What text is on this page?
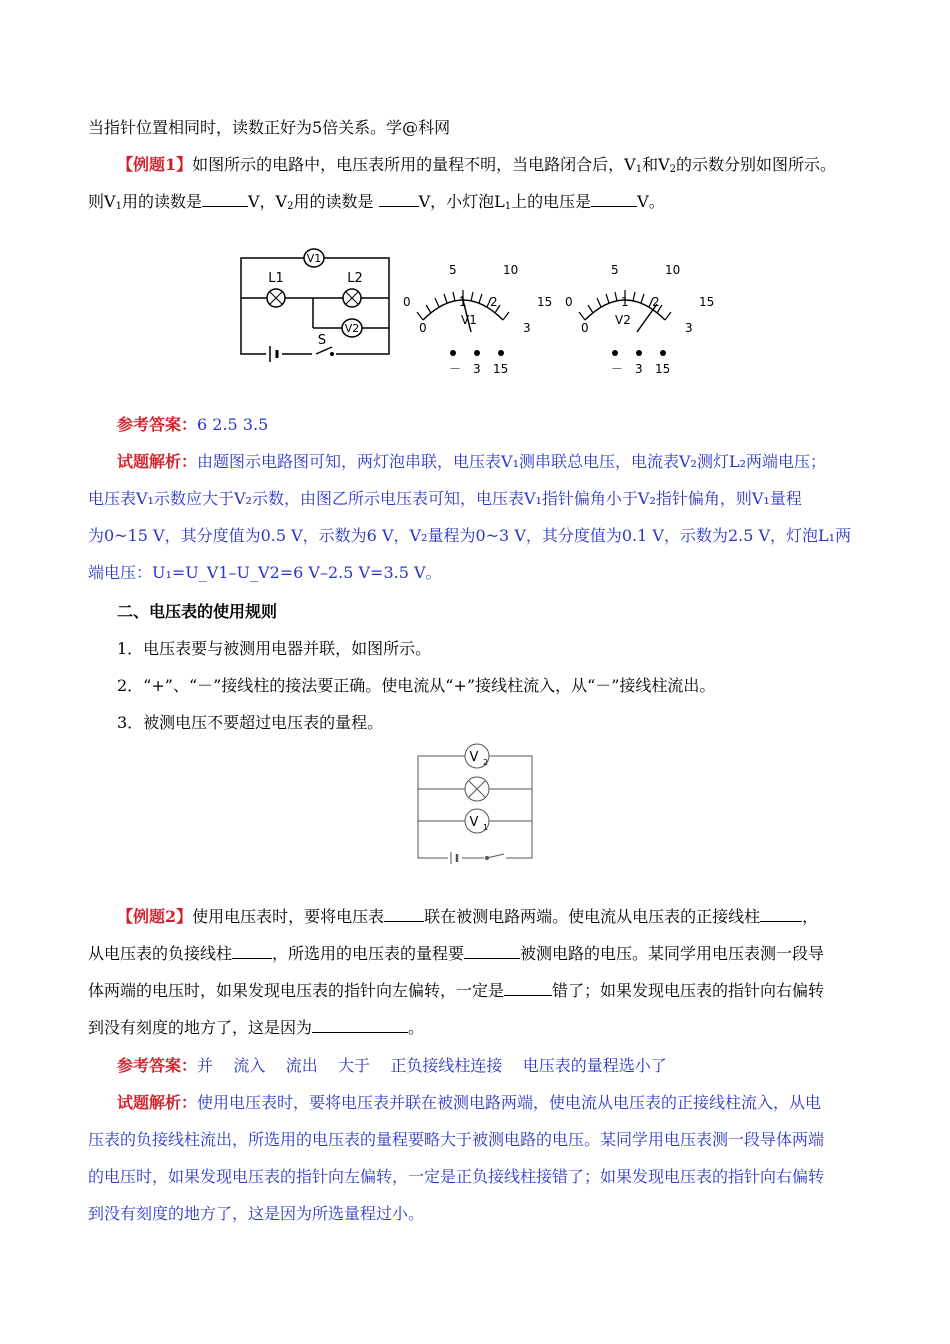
当指针位置相同时，读数正好为5倍关系。学@科网
【例题1】如图所示的电路中，电压表所用的量程不明，当电路闭合后，$V_1$和$V_2$的示数分别如图所示。
则$V_1$用的读数是	V，$V_2$用的读数是	V，小灯泡$L_1$上的电压是	V。
V1
L1	L2
V2
S
5	10
0	15
1 2
0	3
V1
－ 3 15
5	10
0	15
1 2
0	3
V2
－ 3 15
参考答案：6 2.5 3.5
试题解析：由题图示电路图可知，两灯泡串联，电压表V₁测串联总电压，电流表V₂测灯L₂两端电压；
电压表V₁示数应大于V₂示数，由图乙所示电压表可知，电压表V₁指针偏角小于V₂指针偏角，则V₁量程
为0~15 V，其分度值为0.5 V，示数为6 V，V₂量程为0~3 V，其分度值为0.1 V，示数为2.5 V，灯泡L₁两
端电压：U₁=U_V1–U_V2=6 V–2.5 V=3.5 V。
二、电压表的使用规则
1．电压表要与被测用电器并联，如图所示。
2．“+”、“－”接线柱的接法要正确。使电流从“+”接线柱流入，从“－”接线柱流出。
3．被测电压不要超过电压表的量程。
V 2
V 1
【例题2】使用电压表时，要将电压表	联在被测电路两端。使电流从电压表的正接线柱	，
从电压表的负接线柱	，所选用的电压表的量程要	被测电路的电压。某同学用电压表测一段导
体两端的电压时，如果发现电压表的指针向左偏转，一定是	错了；如果发现电压表的指针向右偏转
到没有刻度的地方了，这是因为	。
参考答案：并    流入    流出    大于    正负接线柱连接    电压表的量程选小了
试题解析：使用电压表时，要将电压表并联在被测电路两端，使电流从电压表的正接线柱流入，从电
压表的负接线柱流出，所选用的电压表的量程要略大于被测电路的电压。某同学用电压表测一段导体两端
的电压时，如果发现电压表的指针向左偏转，一定是正负接线柱接错了；如果发现电压表的指针向右偏转
到没有刻度的地方了，这是因为所选量程过小。
